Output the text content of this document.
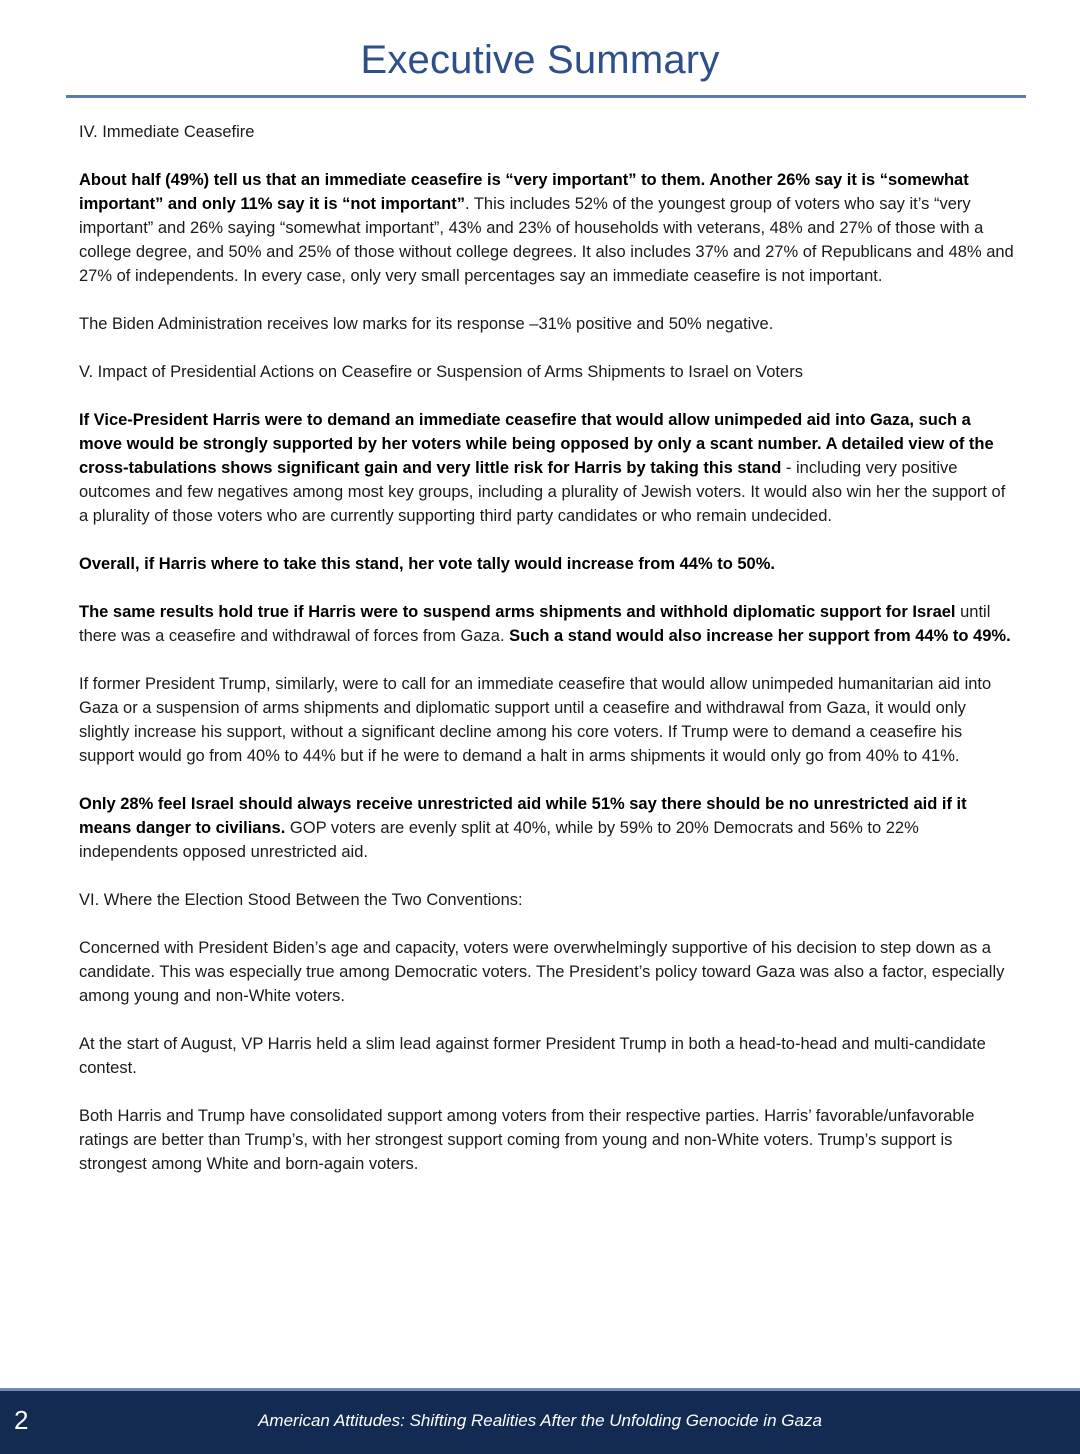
Executive Summary

IV. Immediate Ceasefire

About half (49%) tell us that an immediate ceasefire is “very important” to them. Another 26% say it is “somewhat important” and only 11% say it is “not important”. This includes 52% of the youngest group of voters who say it’s “very important” and 26% saying “somewhat important”, 43% and 23% of households with veterans, 48% and 27% of those with a college degree, and 50% and 25% of those without college degrees. It also includes 37% and 27% of Republicans and 48% and 27% of independents. In every case, only very small percentages say an immediate ceasefire is not important.

The Biden Administration receives low marks for its response –31% positive and 50% negative.

V. Impact of Presidential Actions on Ceasefire or Suspension of Arms Shipments to Israel on Voters

If Vice-President Harris were to demand an immediate ceasefire that would allow unimpeded aid into Gaza, such a move would be strongly supported by her voters while being opposed by only a scant number. A detailed view of the cross-tabulations shows significant gain and very little risk for Harris by taking this stand - including very positive outcomes and few negatives among most key groups, including a plurality of Jewish voters. It would also win her the support of a plurality of those voters who are currently supporting third party candidates or who remain undecided.

Overall, if Harris where to take this stand, her vote tally would increase from 44% to 50%.

The same results hold true if Harris were to suspend arms shipments and withhold diplomatic support for Israel until there was a ceasefire and withdrawal of forces from Gaza. Such a stand would also increase her support from 44% to 49%.

If former President Trump, similarly, were to call for an immediate ceasefire that would allow unimpeded humanitarian aid into Gaza or a suspension of arms shipments and diplomatic support until a ceasefire and withdrawal from Gaza, it would only slightly increase his support, without a significant decline among his core voters. If Trump were to demand a ceasefire his support would go from 40% to 44% but if he were to demand a halt in arms shipments it would only go from 40% to 41%.

Only 28% feel Israel should always receive unrestricted aid while 51% say there should be no unrestricted aid if it means danger to civilians. GOP voters are evenly split at 40%, while by 59% to 20% Democrats and 56% to 22% independents opposed unrestricted aid.

VI. Where the Election Stood Between the Two Conventions:

Concerned with President Biden’s age and capacity, voters were overwhelmingly supportive of his decision to step down as a candidate. This was especially true among Democratic voters. The President’s policy toward Gaza was also a factor, especially among young and non-White voters.

At the start of August, VP Harris held a slim lead against former President Trump in both a head-to-head and multi-candidate contest.

Both Harris and Trump have consolidated support among voters from their respective parties. Harris’ favorable/unfavorable ratings are better than Trump’s, with her strongest support coming from young and non-White voters. Trump’s support is strongest among White and born-again voters.

2	American Attitudes: Shifting Realities After the Unfolding Genocide in Gaza
